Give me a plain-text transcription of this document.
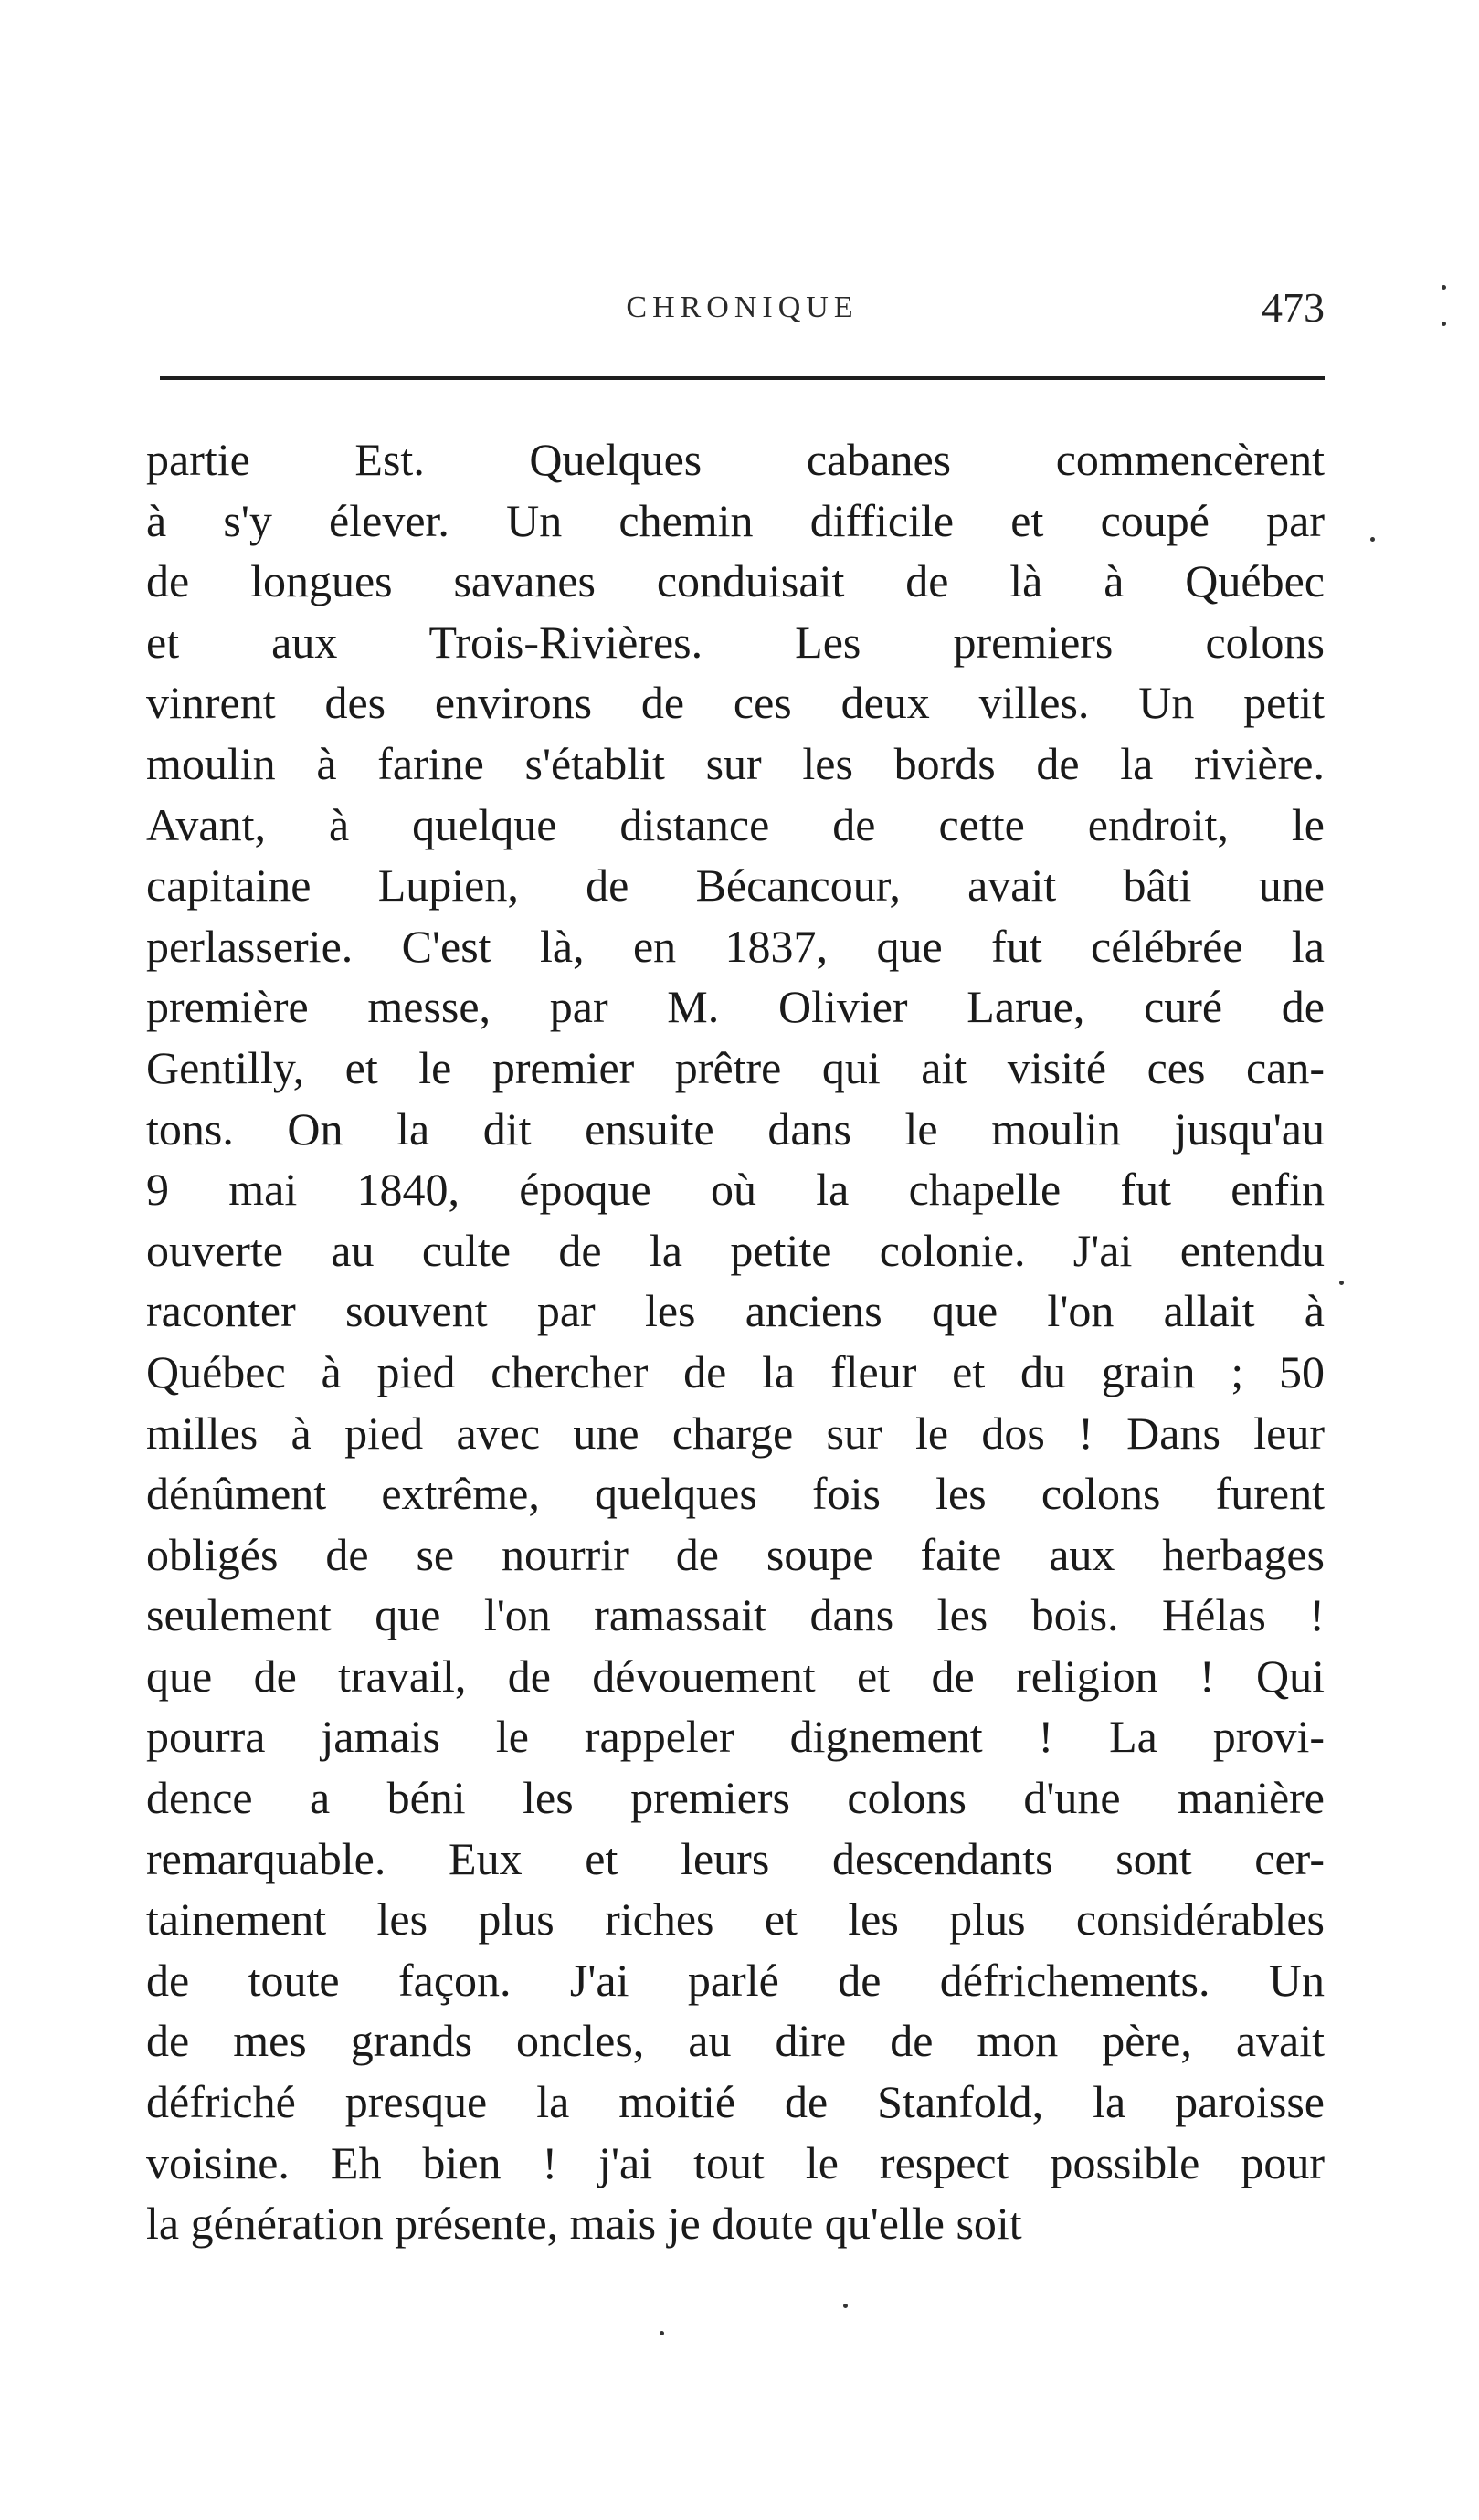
CHRONIQUE	473
partie Est. Quelques cabanes commencèrent
à s'y élever. Un chemin difficile et coupé par
de longues savanes conduisait de là à Québec
et aux Trois-Rivières. Les premiers colons
vinrent des environs de ces deux villes. Un petit
moulin à farine s'établit sur les bords de la rivière.
Avant, à quelque distance de cette endroit, le
capitaine Lupien, de Bécancour, avait bâti une
perlasserie. C'est là, en 1837, que fut célébrée la
première messe, par M. Olivier Larue, curé de
Gentilly, et le premier prêtre qui ait visité ces can-
tons. On la dit ensuite dans le moulin jusqu'au
9 mai 1840, époque où la chapelle fut enfin
ouverte au culte de la petite colonie. J'ai entendu
raconter souvent par les anciens que l'on allait à
Québec à pied chercher de la fleur et du grain ; 50
milles à pied avec une charge sur le dos ! Dans leur
dénûment extrême, quelques fois les colons furent
obligés de se nourrir de soupe faite aux herbages
seulement que l'on ramassait dans les bois. Hélas !
que de travail, de dévouement et de religion ! Qui
pourra jamais le rappeler dignement ! La provi-
dence a béni les premiers colons d'une manière
remarquable. Eux et leurs descendants sont cer-
tainement les plus riches et les plus considérables
de toute façon. J'ai parlé de défrichements. Un
de mes grands oncles, au dire de mon père, avait
défriché presque la moitié de Stanfold, la paroisse
voisine. Eh bien ! j'ai tout le respect possible pour
la génération présente, mais je doute qu'elle soit
